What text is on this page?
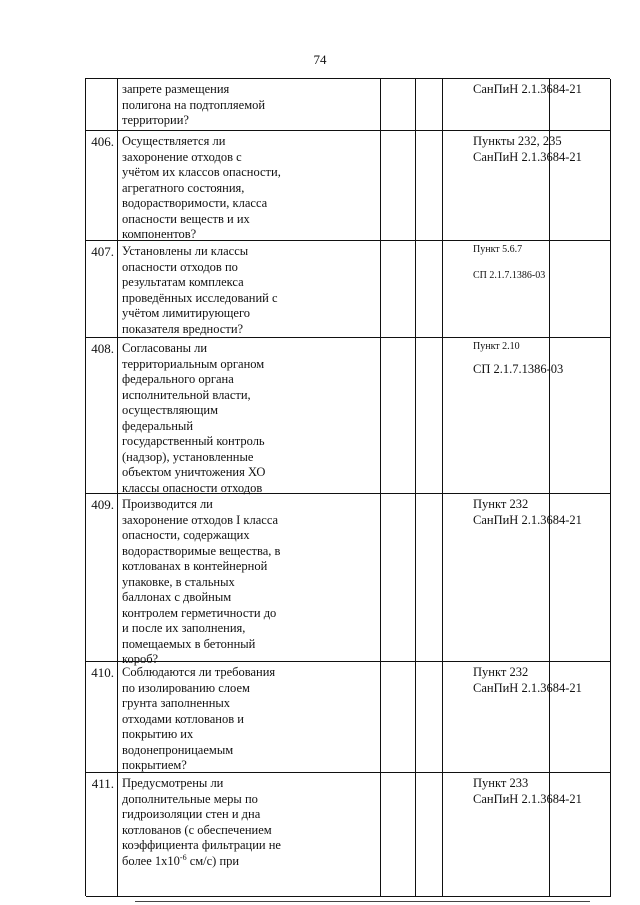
74
запрете размещения
полигона на подтопляемой
территории?
СанПиН 2.1.3684-21
406. Осуществляется ли
захоронение отходов с
учётом их классов опасности,
агрегатного состояния,
водорастворимости, класса
опасности веществ и их
компонентов?
Пункты 232, 235
СанПиН 2.1.3684-21
407. Установлены ли классы
опасности отходов по
результатам комплекса
проведённых исследований с
учётом лимитирующего
показателя вредности?
Пункт 5.6.7
СП 2.1.7.1386-03
408. Согласованы ли
территориальным органом
федерального органа
исполнительной власти,
осуществляющим
федеральный
государственный контроль
(надзор), установленные
объектом уничтожения ХО
классы опасности отходов
Пункт 2.10
СП 2.1.7.1386-03
409. Производится ли
захоронение отходов I класса
опасности, содержащих
водорастворимые вещества, в
котлованах в контейнерной
упаковке, в стальных
баллонах с двойным
контролем герметичности до
и после их заполнения,
помещаемых в бетонный
короб?
Пункт 232
СанПиН 2.1.3684-21
410. Соблюдаются ли требования
по изолированию слоем
грунта заполненных
отходами котлованов и
покрытию их
водонепроницаемым
покрытием?
Пункт 232
СанПиН 2.1.3684-21
411. Предусмотрены ли
дополнительные меры по
гидроизоляции стен и дна
котлованов (с обеспечением
коэффициента фильтрации не
более $1х10^{-6}$ см/с) при
Пункт 233
СанПиН 2.1.3684-21
